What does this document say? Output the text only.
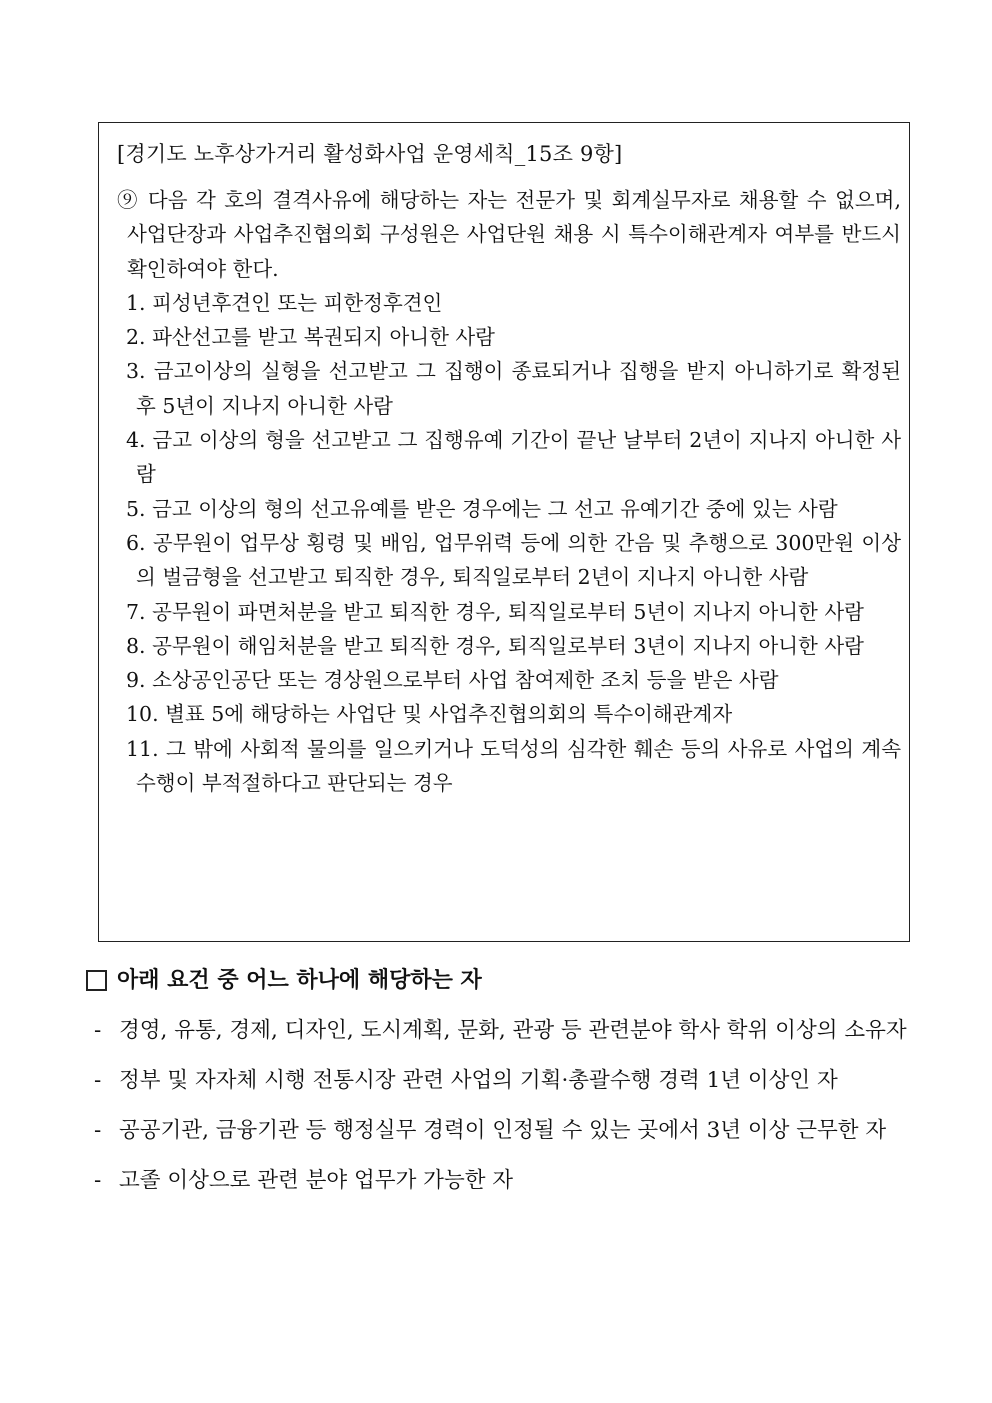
[경기도 노후상가거리 활성화사업 운영세칙_15조 9항]
⑨ 다음 각 호의 결격사유에 해당하는 자는 전문가 및 회계실무자로 채용할 수 없으며, 사업단장과 사업추진협의회 구성원은 사업단원 채용 시 특수이해관계자 여부를 반드시 확인하여야 한다.
1. 피성년후견인 또는 피한정후견인
2. 파산선고를 받고 복권되지 아니한 사람
3. 금고이상의 실형을 선고받고 그 집행이 종료되거나 집행을 받지 아니하기로 확정된 후 5년이 지나지 아니한 사람
4. 금고 이상의 형을 선고받고 그 집행유예 기간이 끝난 날부터 2년이 지나지 아니한 사람
5. 금고 이상의 형의 선고유예를 받은 경우에는 그 선고 유예기간 중에 있는 사람
6. 공무원이 업무상 횡령 및 배임, 업무위력 등에 의한 간음 및 추행으로 300만원 이상의 벌금형을 선고받고 퇴직한 경우, 퇴직일로부터 2년이 지나지 아니한 사람
7. 공무원이 파면처분을 받고 퇴직한 경우, 퇴직일로부터 5년이 지나지 아니한 사람
8. 공무원이 해임처분을 받고 퇴직한 경우, 퇴직일로부터 3년이 지나지 아니한 사람
9. 소상공인공단 또는 경상원으로부터 사업 참여제한 조치 등을 받은 사람
10. 별표 5에 해당하는 사업단 및 사업추진협의회의 특수이해관계자
11. 그 밖에 사회적 물의를 일으키거나 도덕성의 심각한 훼손 등의 사유로 사업의 계속수행이 부적절하다고 판단되는 경우
아래 요건 중 어느 하나에 해당하는 자
- 경영, 유통, 경제, 디자인, 도시계획, 문화, 관광 등 관련분야 학사 학위 이상의 소유자
- 정부 및 자자체 시행 전통시장 관련 사업의 기획·총괄수행 경력 1년 이상인 자
- 공공기관, 금융기관 등 행정실무 경력이 인정될 수 있는 곳에서 3년 이상 근무한 자
- 고졸 이상으로 관련 분야 업무가 가능한 자
